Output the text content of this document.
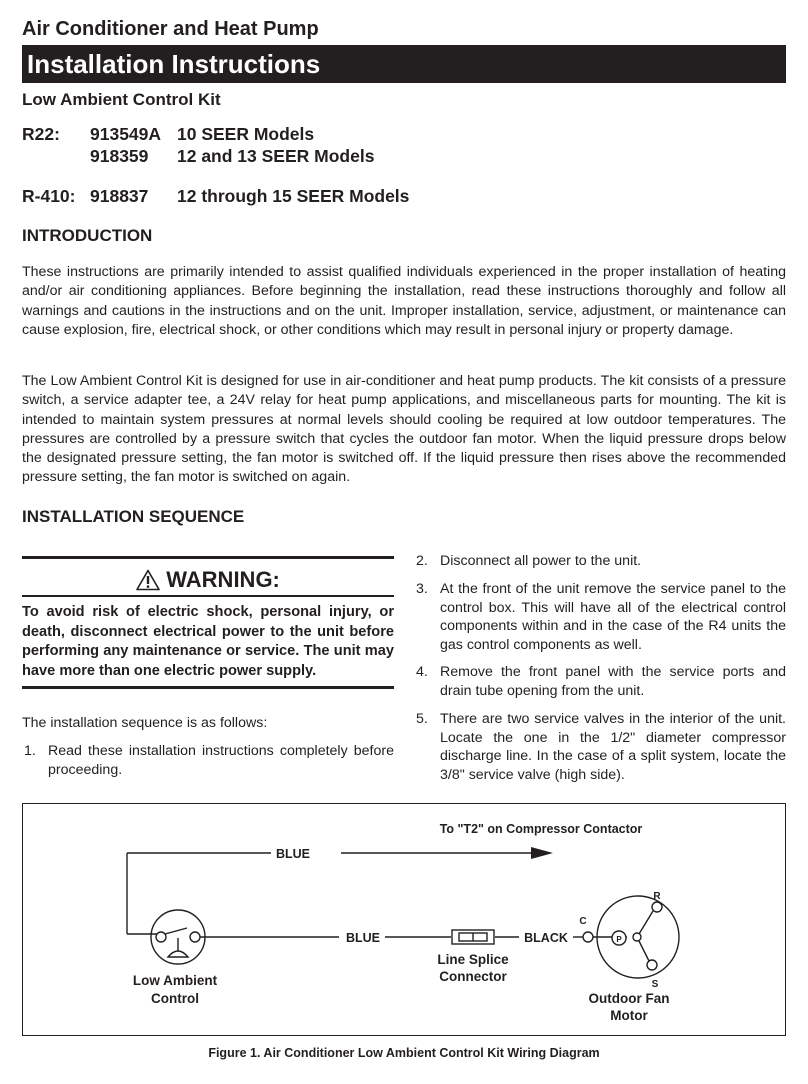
Air Conditioner and Heat Pump
Installation Instructions
Low Ambient Control Kit
R22: 913549A 10 SEER Models
918359 12 and 13 SEER Models
R-410: 918837 12 through 15 SEER Models
INTRODUCTION
These instructions are primarily intended to assist qualified individuals experienced in the proper installation of heating and/or air conditioning appliances. Before beginning the installation, read these instructions thoroughly and follow all warnings and cautions in the instructions and on the unit. Improper installation, service, adjustment, or maintenance can cause explosion, fire, electrical shock, or other conditions which may result in personal injury or property damage.
The Low Ambient Control Kit is designed for use in air-conditioner and heat pump products. The kit consists of a pressure switch, a service adapter tee, a 24V relay for heat pump applications, and miscellaneous parts for mounting. The kit is intended to maintain system pressures at normal levels should cooling be required at low outdoor temperatures. The pressures are controlled by a pressure switch that cycles the outdoor fan motor. When the liquid pressure drops below the designated pressure setting, the fan motor is switched off. If the liquid pressure then rises above the recommended pressure setting, the fan motor is switched on again.
INSTALLATION SEQUENCE
WARNING:
To avoid risk of electric shock, personal injury, or death, disconnect electrical power to the unit before performing any maintenance or service. The unit may have more than one electric power supply.
The installation sequence is as follows:
1. Read these installation instructions completely before proceeding.
2. Disconnect all power to the unit.
3. At the front of the unit remove the service panel to the control box. This will have all of the electrical control components within and in the case of the R4 units the gas control components as well.
4. Remove the front panel with the service ports and drain tube opening from the unit.
5. There are two service valves in the interior of the unit. Locate the one in the 1/2" diameter compressor discharge line. In the case of a split system, locate the 3/8" service valve (high side).
To "T2" on Compressor Contactor
BLUE
BLUE	BLACK
Low Ambient
Control
Line Splice
Connector
Outdoor Fan
Motor
R
C
S
P
Figure 1. Air Conditioner Low Ambient Control Kit Wiring Diagram
